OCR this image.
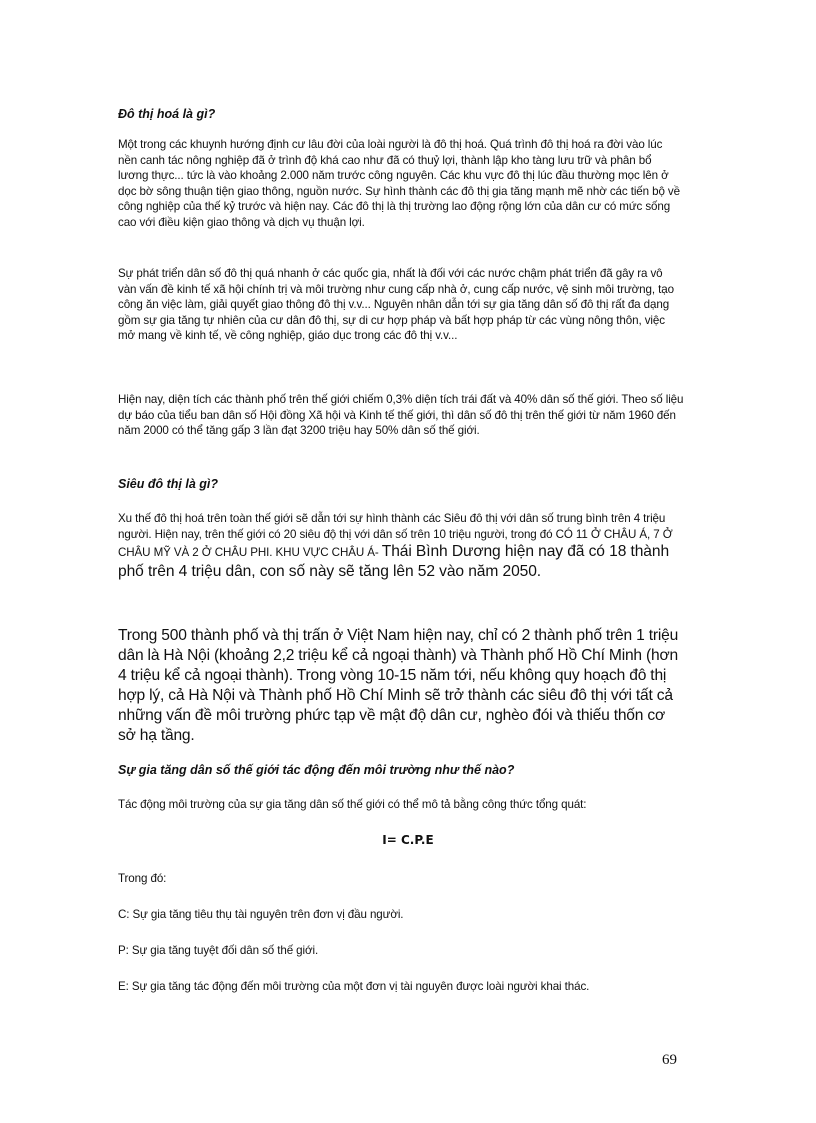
Đô thị hoá là gì?

Một trong các khuynh hướng định cư lâu đời của loài người là đô thị hoá. Quá trình đô thị hoá ra đời vào lúc nền canh tác nông nghiệp đã ở trình độ khá cao như đã có thuỷ lợi, thành lập kho tàng lưu trữ và phân bổ lương thực... tức là vào khoảng 2.000 năm trước công nguyên. Các khu vực đô thị lúc đầu thường mọc lên ở dọc bờ sông thuận tiện giao thông, nguồn nước. Sự hình thành các đô thị gia tăng mạnh mẽ nhờ các tiến bộ về công nghiệp của thế kỷ trước và hiện nay. Các đô thị là thị trường lao động rộng lớn của dân cư có mức sống cao với điều kiện giao thông và dịch vụ thuận lợi.

Sự phát triển dân số đô thị quá nhanh ở các quốc gia, nhất là đối với các nước chậm phát triển đã gây ra vô vàn vấn đề kinh tế xã hội chính trị và môi trường như cung cấp nhà ở, cung cấp nước, vệ sinh môi trường, tạo công ăn việc làm, giải quyết giao thông đô thị v.v... Nguyên nhân dẫn tới sự gia tăng dân số đô thị rất đa dạng gồm sự gia tăng tự nhiên của cư dân đô thị, sự di cư hợp pháp và bất hợp pháp từ các vùng nông thôn, việc mở mang về kinh tế, về công nghiệp, giáo dục trong các đô thị v.v...

Hiện nay, diện tích các thành phố trên thế giới chiếm 0,3% diện tích trái đất và 40% dân số thế giới. Theo số liệu dự báo của tiểu ban dân số Hội đồng Xã hội và Kinh tế thế giới, thì dân số đô thị trên thế giới từ năm 1960 đến năm 2000 có thể tăng gấp 3 lần đạt 3200 triệu hay 50% dân số thế giới.

Siêu đô thị là gì?

Xu thế đô thị hoá trên toàn thế giới sẽ dẫn tới sự hình thành các Siêu đô thị với dân số trung bình trên 4 triệu người. Hiện nay, trên thế giới có 20 siêu độ thị với dân số trên 10 triệu người, trong đó CÓ 11 Ở CHÂU Á, 7 Ở CHÂU MỸ VÀ 2 Ở CHÂU PHI. KHU VỰC CHÂU Á- Thái Bình Dương hiện nay đã có 18 thành phố trên 4 triệu dân, con số này sẽ tăng lên 52 vào năm 2050.

Trong 500 thành phố và thị trấn ở Việt Nam hiện nay, chỉ có 2 thành phố trên 1 triệu dân là Hà Nội (khoảng 2,2 triệu kể cả ngoại thành) và Thành phố Hồ Chí Minh (hơn 4 triệu kể cả ngoại thành). Trong vòng 10-15 năm tới, nếu không quy hoạch đô thị hợp lý, cả Hà Nội và Thành phố Hồ Chí Minh sẽ trở thành các siêu đô thị với tất cả những vấn đề môi trường phức tạp về mật độ dân cư, nghèo đói và thiếu thốn cơ sở hạ tầng.

Sự gia tăng dân số thế giới tác động đến môi trường như thế nào?

Tác động môi trường của sự gia tăng dân số thế giới có thể mô tả bằng công thức tổng quát:

I= C.P.E

Trong đó:

C: Sự gia tăng tiêu thụ tài nguyên trên đơn vị đầu người.

P: Sự gia tăng tuyệt đối dân số thế giới.

E: Sự gia tăng tác động đến môi trường của một đơn vị tài nguyên được loài người khai thác.

69
